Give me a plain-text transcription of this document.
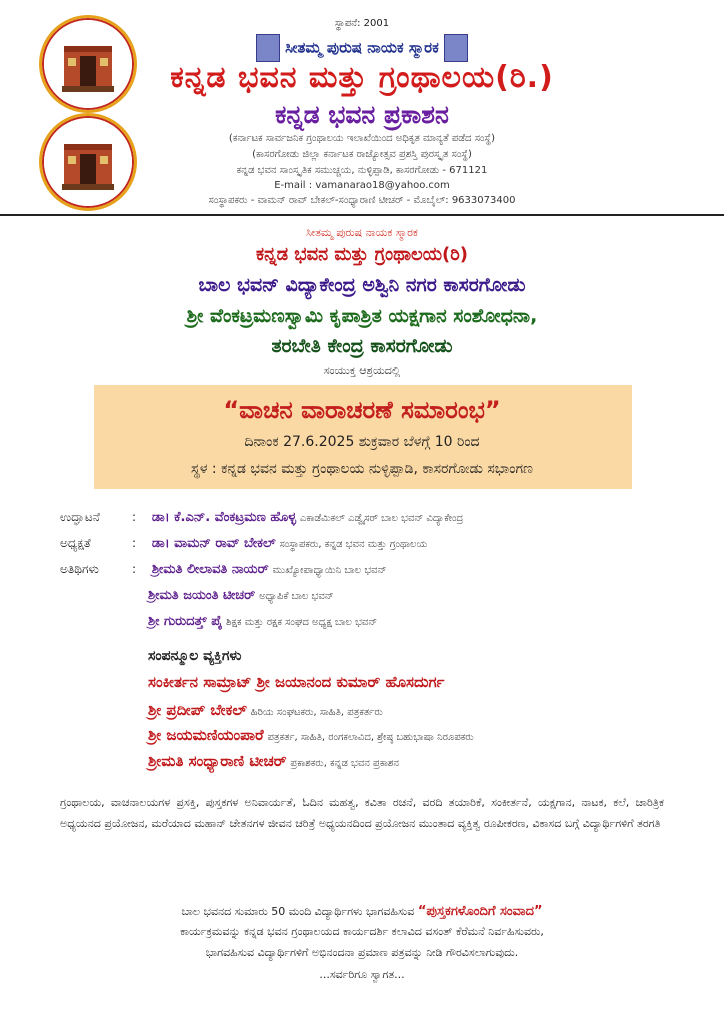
ಸ್ಥಾಪನೆ: 2001
ಸೀತಮ್ಮ ಪುರುಷ ನಾಯಕ ಸ್ಮಾರಕ
ಕನ್ನಡ ಭವನ ಮತ್ತು ಗ್ರಂಥಾಲಯ(ರಿ.)
ಕನ್ನಡ ಭವನ ಪ್ರಕಾಶನ
(ಕರ್ನಾಟಕ ಸಾರ್ವಜನಿಕ ಗ್ರಂಥಾಲಯ ಇಲಾಖೆಯಿಂದ ಅಧಿಕೃತ ಮಾನ್ಯತೆ ಪಡೆದ ಸಂಸ್ಥೆ)
(ಕಾಸರಗೋಡು ಜಿಲ್ಲಾ ಕರ್ನಾಟಕ ರಾಜ್ಯೋತ್ಸವ ಪ್ರಶಸ್ತಿ ಪುರಸ್ಕೃತ ಸಂಸ್ಥೆ)
ಕನ್ನಡ ಭವನ ಸಾಂಸ್ಕೃತಿಕ ಸಮುಚ್ಚಯ, ನುಳ್ಳಿಪ್ಪಾಡಿ, ಕಾಸರಗೋಡು - 671121
E-mail : vamanarao18@yahoo.com
ಸಂಸ್ಥಾಪಕರು - ವಾಮನ್ ರಾವ್ ಬೇಕಲ್-ಸಂಧ್ಯಾರಾಣಿ ಟೀಚರ್ - ಮೊಬೈಲ್: 9633073400
ಸೀತಮ್ಮ ಪುರುಷ ನಾಯಕ ಸ್ಮಾರಕ
ಕನ್ನಡ ಭವನ ಮತ್ತು ಗ್ರಂಥಾಲಯ(ರಿ)
ಬಾಲ ಭವನ್ ವಿದ್ಯಾಕೇಂದ್ರ ಅಶ್ವಿನಿ ನಗರ ಕಾಸರಗೋಡು
ಶ್ರೀ ವೆಂಕಟ್ರಮಣಸ್ವಾಮಿ ಕೃಪಾಶ್ರಿತ ಯಕ್ಷಗಾನ ಸಂಶೋಧನಾ,
ತರಬೇತಿ ಕೇಂದ್ರ ಕಾಸರಗೋಡು
ಸಂಯುಕ್ತ ಆಶ್ರಯದಲ್ಲಿ
“ವಾಚನ ವಾರಾಚರಣೆ ಸಮಾರಂಭ”
ದಿನಾಂಕ 27.6.2025 ಶುಕ್ರವಾರ ಬೆಳಗ್ಗೆ 10 ರಿಂದ
ಸ್ಥಳ : ಕನ್ನಡ ಭವನ ಮತ್ತು ಗ್ರಂಥಾಲಯ ನುಳ್ಳಿಪ್ಪಾಡಿ, ಕಾಸರಗೋಡು ಸಭಾಂಗಣ
ಉದ್ಘಾಟನೆ	: ಡಾ। ಕೆ.ಎನ್. ವೆಂಕಟ್ರಮಣ ಹೊಳ್ಳ ಎಕಾಡೆಮಿಕಲ್ ಎಡ್ವೈಸರ್ ಬಾಲ ಭವನ್ ವಿದ್ಯಾಕೇಂದ್ರ
ಅಧ್ಯಕ್ಷತೆ	: ಡಾ। ವಾಮನ್ ರಾವ್ ಬೇಕಲ್ ಸಂಸ್ಥಾಪಕರು, ಕನ್ನಡ ಭವನ ಮತ್ತು ಗ್ರಂಥಾಲಯ
ಅತಿಥಿಗಳು	: ಶ್ರೀಮತಿ ಲೀಲಾವತಿ ನಾಯರ್ ಮುಖ್ಯೋಪಾಧ್ಯಾಯಿನಿ ಬಾಲ ಭವನ್
ಶ್ರೀಮತಿ ಜಯಂತಿ ಟೀಚರ್ ಅಧ್ಯಾಪಿಕೆ ಬಾಲ ಭವನ್
ಶ್ರೀ ಗುರುದತ್ತ್ ಪೈ ಶಿಕ್ಷಕ ಮತ್ತು ರಕ್ಷಕ ಸಂಘದ ಅಧ್ಯಕ್ಷ ಬಾಲ ಭವನ್
ಸಂಪನ್ಮೂಲ ವ್ಯಕ್ತಿಗಳು
ಸಂಕೀರ್ತನ ಸಾಮ್ರಾಟ್ ಶ್ರೀ ಜಯಾನಂದ ಕುಮಾರ್ ಹೊಸದುರ್ಗ
ಶ್ರೀ ಪ್ರದೀಪ್ ಬೇಕಲ್ ಹಿರಿಯ ಸಂಘಟಕರು, ಸಾಹಿತಿ, ಪತ್ರಕರ್ತರು
ಶ್ರೀ ಜಯಮಣಿಯಂಪಾರೆ ಪತ್ರಕರ್ತ, ಸಾಹಿತಿ, ರಂಗಕಲಾವಿದ, ಶ್ರೇಷ್ಠ ಬಹುಭಾಷಾ ನಿರೂಪಕರು
ಶ್ರೀಮತಿ ಸಂಧ್ಯಾರಾಣಿ ಟೀಚರ್ ಪ್ರಕಾಶಕರು, ಕನ್ನಡ ಭವನ ಪ್ರಕಾಶನ
ಗ್ರಂಥಾಲಯ, ವಾಚನಾಲಯಗಳ ಪ್ರಸಕ್ತಿ, ಪುಸ್ತಕಗಳ ಅನಿವಾರ್ಯತೆ, ಓದಿನ ಮಹತ್ವ, ಕವಿತಾ ರಚನೆ, ವರದಿ ತಯಾರಿಕೆ, ಸಂಕೀರ್ತನೆ, ಯಕ್ಷಗಾನ, ನಾಟಕ, ಕಲೆ, ಚಾರಿತ್ರಿಕ ಅಧ್ಯಯನದ ಪ್ರಯೋಜನ, ಮರೆಯಾದ ಮಹಾನ್ ಚೇತನಗಳ ಜೀವನ ಚರಿತ್ರೆ ಅಧ್ಯಯನದಿಂದ ಪ್ರಯೋಜನ ಮುಂತಾದ ವ್ಯಕ್ತಿತ್ವ ರೂಪೀಕರಣ, ವಿಕಾಸದ ಬಗ್ಗೆ ವಿದ್ಯಾರ್ಥಿಗಳಿಗೆ ತರಗತಿ
ಬಾಲ ಭವನದ ಸುಮಾರು 50 ಮಂದಿ ವಿದ್ಯಾರ್ಥಿಗಳು ಭಾಗವಹಿಸುವ “ಪುಸ್ತಕಗಳೊಂದಿಗೆ ಸಂವಾದ”
ಕಾರ್ಯಕ್ರಮವನ್ನು ಕನ್ನಡ ಭವನ ಗ್ರಂಥಾಲಯದ ಕಾರ್ಯದರ್ಶಿ ಕಲಾವಿದ ವಸಂತ್ ಕೆರೆಮನೆ ನಿರ್ವಹಿಸುವರು,
ಭಾಗವಹಿಸುವ ವಿದ್ಯಾರ್ಥಿಗಳಿಗೆ ಅಭಿನಂದನಾ ಪ್ರಮಾಣ ಪತ್ರವನ್ನು ನೀಡಿ ಗೌರವಿಸಲಾಗುವುದು.
...ಸರ್ವರಿಗೂ ಸ್ವಾಗತ...
